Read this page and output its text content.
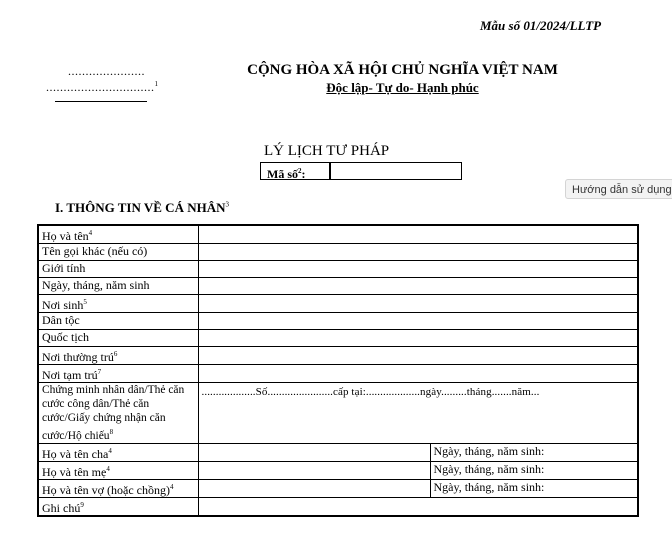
Mẫu số 01/2024/LLTP
......................
...............................$^1$
CỘNG HÒA XÃ HỘI CHỦ NGHĨA VIỆT NAM
Độc lập- Tự do- Hạnh phúc
LÝ LỊCH TƯ PHÁP
Mã số$^2$:
Hướng dẫn sử dụng
I. THÔNG TIN VỀ CÁ NHÂN$^3$
Họ và tên$^4$	
Tên gọi khác (nếu có)		
Giới tính		
Ngày, tháng, năm sinh		
Nơi $\sinh^5$	
Dân tộc		
Quốc tịch		
Nơi thường trú$^6$	
Nơi tạm trú$^7$	
Chứng minh nhân dân/Thẻ căn cước công dân/Thẻ căn cước/Giấy chứng nhận căn cước/Hộ chiếu$^8$	...................Số.......................cấp tại:...................ngày.........tháng.......năm...	
Họ và tên cha$^4$		Ngày, tháng, năm sinh:
Họ và tên mẹ$^4$		Ngày, tháng, năm sinh:
Họ và tên vợ (hoặc chồng)$^4$		Ngày, tháng, năm sinh:
Ghi chú$^9$	
